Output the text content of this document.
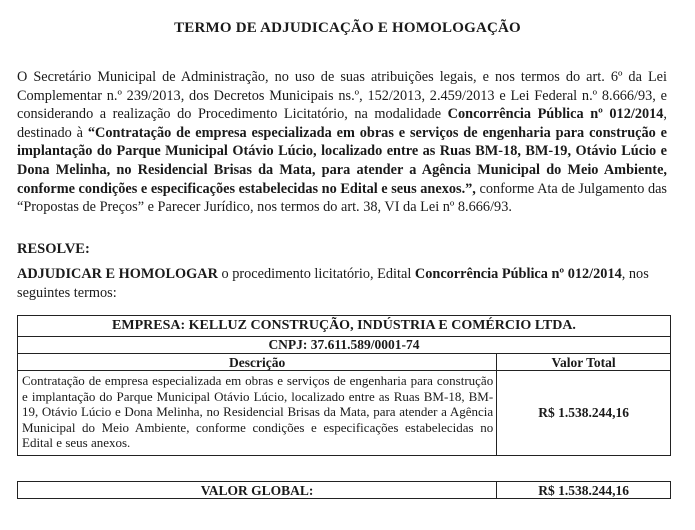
TERMO DE ADJUDICAÇÃO E HOMOLOGAÇÃO
O Secretário Municipal de Administração, no uso de suas atribuições legais, e nos termos do art. 6º da Lei Complementar n.º 239/2013, dos Decretos Municipais ns.º, 152/2013, 2.459/2013 e Lei Federal n.º 8.666/93, e considerando a realização do Procedimento Licitatório, na modalidade Concorrência Pública nº 012/2014, destinado à “Contratação de empresa especializada em obras e serviços de engenharia para construção e implantação do Parque Municipal Otávio Lúcio, localizado entre as Ruas BM-18, BM-19, Otávio Lúcio e Dona Melinha, no Residencial Brisas da Mata, para atender a Agência Municipal do Meio Ambiente, conforme condições e especificações estabelecidas no Edital e seus anexos.”, conforme Ata de Julgamento das “Propostas de Preços” e Parecer Jurídico, nos termos do art. 38, VI da Lei nº 8.666/93.
RESOLVE:
ADJUDICAR E HOMOLOGAR o procedimento licitatório, Edital Concorrência Pública nº 012/2014, nos seguintes termos:
EMPRESA: KELLUZ CONSTRUÇÃO, INDÚSTRIA E COMÉRCIO LTDA.	
CNPJ: 37.611.589/0001-74	
Descrição	Valor Total
Contratação de empresa especializada em obras e serviços de engenharia para construção e implantação do Parque Municipal Otávio Lúcio, localizado entre as Ruas BM-18, BM-19, Otávio Lúcio e Dona Melinha, no Residencial Brisas da Mata, para atender a Agência Municipal do Meio Ambiente, conforme condições e especificações estabelecidas no Edital e seus anexos.	R$ 1.538.244,16
VALOR GLOBAL:	R$ 1.538.244,16
